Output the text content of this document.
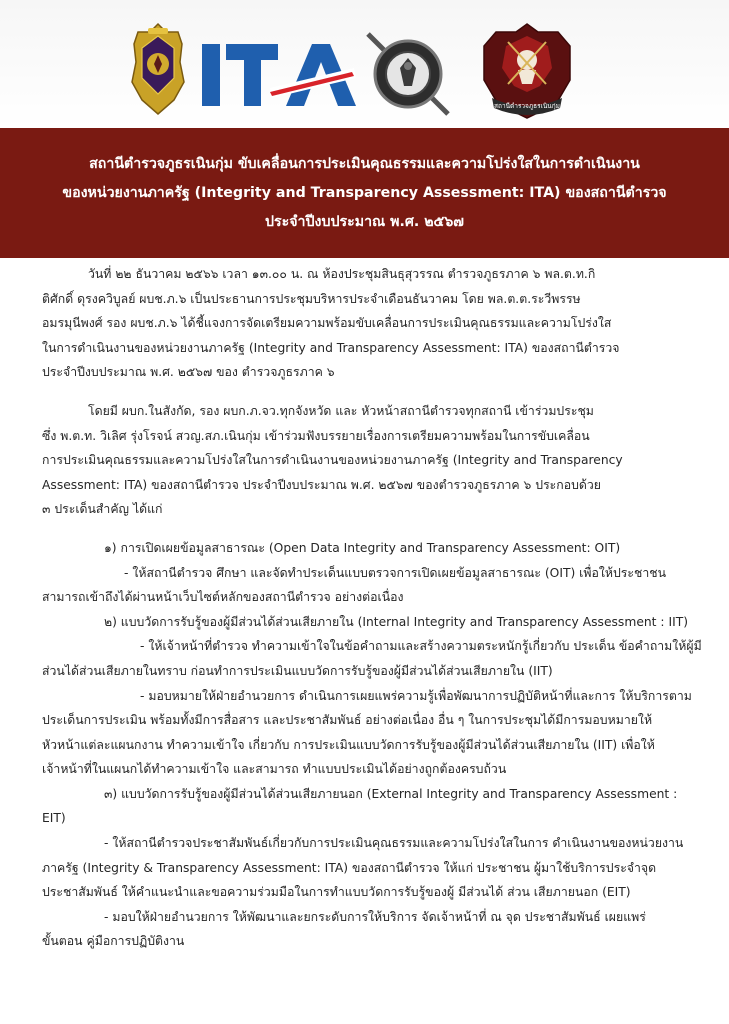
สถานีตำรวจภูธรเนินกุ่ม
สถานีตำรวจภูธรเนินกุ่ม ขับเคลื่อนการประเมินคุณธรรมและความโปร่งใสในการดำเนินงาน
ของหน่วยงานภาครัฐ (Integrity and Transparency Assessment: ITA) ของสถานีตำรวจ
ประจำปีงบประมาณ พ.ศ. ๒๕๖๗
วันที่ ๒๒ ธันวาคม ๒๕๖๖ เวลา ๑๓.๐๐ น. ณ ห้องประชุมสินธุสุวรรณ ตำรวจภูธรภาค ๖ พล.ต.ท.กิ
ติศักดิ์ ดุรงควิบูลย์ ผบช.ภ.๖ เป็นประธานการประชุมบริหารประจำเดือนธันวาคม โดย พล.ต.ต.ระวีพรรษ
อมรมุนีพงศ์ รอง ผบช.ภ.๖ ได้ชี้แจงการจัดเตรียมความพร้อมขับเคลื่อนการประเมินคุณธรรมและความโปร่งใส
ในการดำเนินงานของหน่วยงานภาครัฐ (Integrity and Transparency Assessment: ITA) ของสถานีตำรวจ
ประจำปีงบประมาณ พ.ศ. ๒๕๖๗ ของ ตำรวจภูธรภาค ๖
โดยมี ผบก.ในสังกัด, รอง ผบก.ภ.จว.ทุกจังหวัด และ หัวหน้าสถานีตำรวจทุกสถานี เข้าร่วมประชุม
ซึ่ง พ.ต.ท. วิเลิศ รุ่งโรจน์ สวญ.สภ.เนินกุ่ม เข้าร่วมฟังบรรยายเรื่องการเตรียมความพร้อมในการขับเคลื่อน
การประเมินคุณธรรมและความโปร่งใสในการดำเนินงานของหน่วยงานภาครัฐ (Integrity and Transparency
Assessment: ITA) ของสถานีตำรวจ ประจำปีงบประมาณ พ.ศ. ๒๕๖๗ ของตำรวจภูธรภาค ๖ ประกอบด้วย
๓ ประเด็นสำคัญ ได้แก่
๑) การเปิดเผยข้อมูลสาธารณะ (Open Data Integrity and Transparency Assessment: OIT)
- ให้สถานีตำรวจ ศึกษา และจัดทำประเด็นแบบตรวจการเปิดเผยข้อมูลสาธารณะ (OIT) เพื่อให้ประชาชน
สามารถเข้าถึงได้ผ่านหน้าเว็บไซต์หลักของสถานีตำรวจ อย่างต่อเนื่อง
๒) แบบวัดการรับรู้ของผู้มีส่วนได้ส่วนเสียภายใน (Internal Integrity and Transparency Assessment : IIT)
- ให้เจ้าหน้าที่ตำรวจ ทำความเข้าใจในข้อคำถามและสร้างความตระหนักรู้เกี่ยวกับ ประเด็น ข้อคำถามให้ผู้มี
ส่วนได้ส่วนเสียภายในทราบ ก่อนทำการประเมินแบบวัดการรับรู้ของผู้มีส่วนได้ส่วนเสียภายใน (IIT)
- มอบหมายให้ฝ่ายอำนวยการ ดำเนินการเผยแพร่ความรู้เพื่อพัฒนาการปฏิบัติหน้าที่และการ ให้บริการตาม
ประเด็นการประเมิน พร้อมทั้งมีการสื่อสาร และประชาสัมพันธ์ อย่างต่อเนื่อง อื่น ๆ ในการประชุมได้มีการมอบหมายให้
หัวหน้าแต่ละแผนกงาน ทำความเข้าใจ เกี่ยวกับ การประเมินแบบวัดการรับรู้ของผู้มีส่วนได้ส่วนเสียภายใน (IIT) เพื่อให้
เจ้าหน้าที่ในแผนกได้ทำความเข้าใจ และสามารถ ทำแบบประเมินได้อย่างถูกต้องครบถ้วน
๓) แบบวัดการรับรู้ของผู้มีส่วนได้ส่วนเสียภายนอก (External Integrity and Transparency Assessment :
EIT)
- ให้สถานีตำรวจประชาสัมพันธ์เกี่ยวกับการประเมินคุณธรรมและความโปร่งใสในการ ดำเนินงานของหน่วยงาน
ภาครัฐ (Integrity & Transparency Assessment: ITA) ของสถานีตำรวจ ให้แก่ ประชาชน ผู้มาใช้บริการประจำจุด
ประชาสัมพันธ์ ให้คำแนะนำและขอความร่วมมือในการทำแบบวัดการรับรู้ของผู้ มีส่วนได้ ส่วน เสียภายนอก (EIT)
- มอบให้ฝ่ายอำนวยการ ให้พัฒนาและยกระดับการให้บริการ จัดเจ้าหน้าที่ ณ จุด ประชาสัมพันธ์ เผยแพร่
ขั้นตอน คู่มือการปฏิบัติงาน
